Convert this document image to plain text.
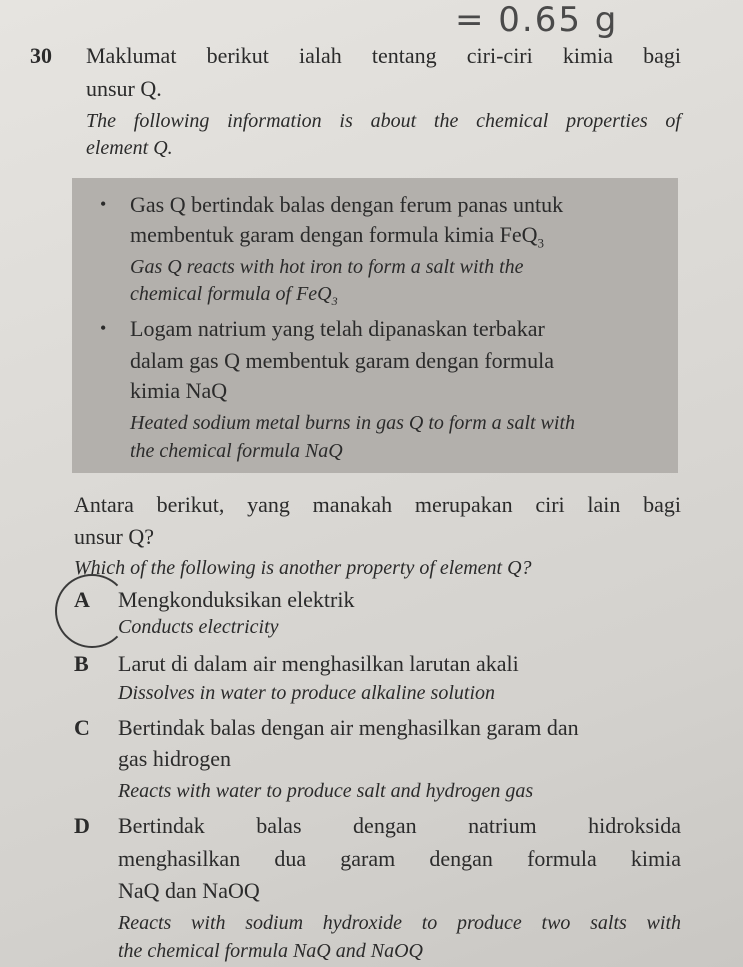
= 0.65 g
30 Maklumat berikut ialah tentang ciri-ciri kimia bagi
unsur Q.
The following information is about the chemical properties of
element Q.
• Gas Q bertindak balas dengan ferum panas untuk
membentuk garam dengan formula kimia FeQ$_3$
Gas Q reacts with hot iron to form a salt with the
chemical formula of FeQ$_3$
• Logam natrium yang telah dipanaskan terbakar
dalam gas Q membentuk garam dengan formula
kimia NaQ
Heated sodium metal burns in gas Q to form a salt with
the chemical formula NaQ
Antara berikut, yang manakah merupakan ciri lain bagi
unsur Q?
Which of the following is another property of element Q?
A Mengkonduksikan elektrik
Conducts electricity
B Larut di dalam air menghasilkan larutan akali
Dissolves in water to produce alkaline solution
C Bertindak balas dengan air menghasilkan garam dan
gas hidrogen
Reacts with water to produce salt and hydrogen gas
D Bertindak balas dengan natrium hidroksida
menghasilkan dua garam dengan formula kimia
NaQ dan NaOQ
Reacts with sodium hydroxide to produce two salts with
the chemical formula NaQ and NaOQ
